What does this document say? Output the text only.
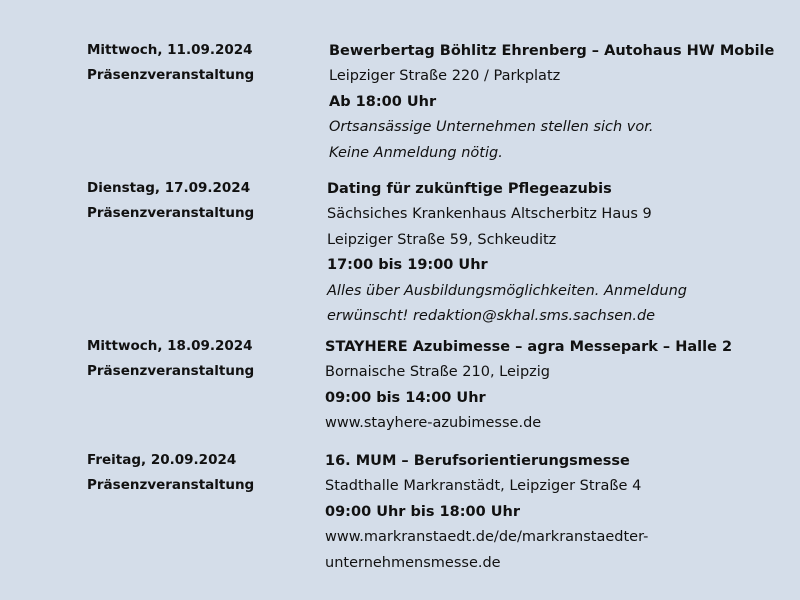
Mittwoch, 11.09.2024
Präsenzveranstaltung
Bewerbertag Böhlitz Ehrenberg – Autohaus HW Mobile
Leipziger Straße 220 / Parkplatz
Ab 18:00 Uhr
Ortsansässige Unternehmen stellen sich vor.
Keine Anmeldung nötig.
Dienstag, 17.09.2024
Präsenzveranstaltung
Dating für zukünftige Pflegeazubis
Sächsiches Krankenhaus Altscherbitz Haus 9
Leipziger Straße 59, Schkeuditz
17:00 bis 19:00 Uhr
Alles über Ausbildungsmöglichkeiten. Anmeldung
erwünscht! redaktion@skhal.sms.sachsen.de
Mittwoch, 18.09.2024
Präsenzveranstaltung
STAYHERE Azubimesse – agra Messepark – Halle 2
Bornaische Straße 210, Leipzig
09:00 bis 14:00 Uhr
www.stayhere-azubimesse.de
Freitag, 20.09.2024
Präsenzveranstaltung
16. MUM – Berufsorientierungsmesse
Stadthalle Markranstädt, Leipziger Straße 4
09:00 Uhr bis 18:00 Uhr
www.markranstaedt.de/de/markranstaedter-
unternehmensmesse.de
